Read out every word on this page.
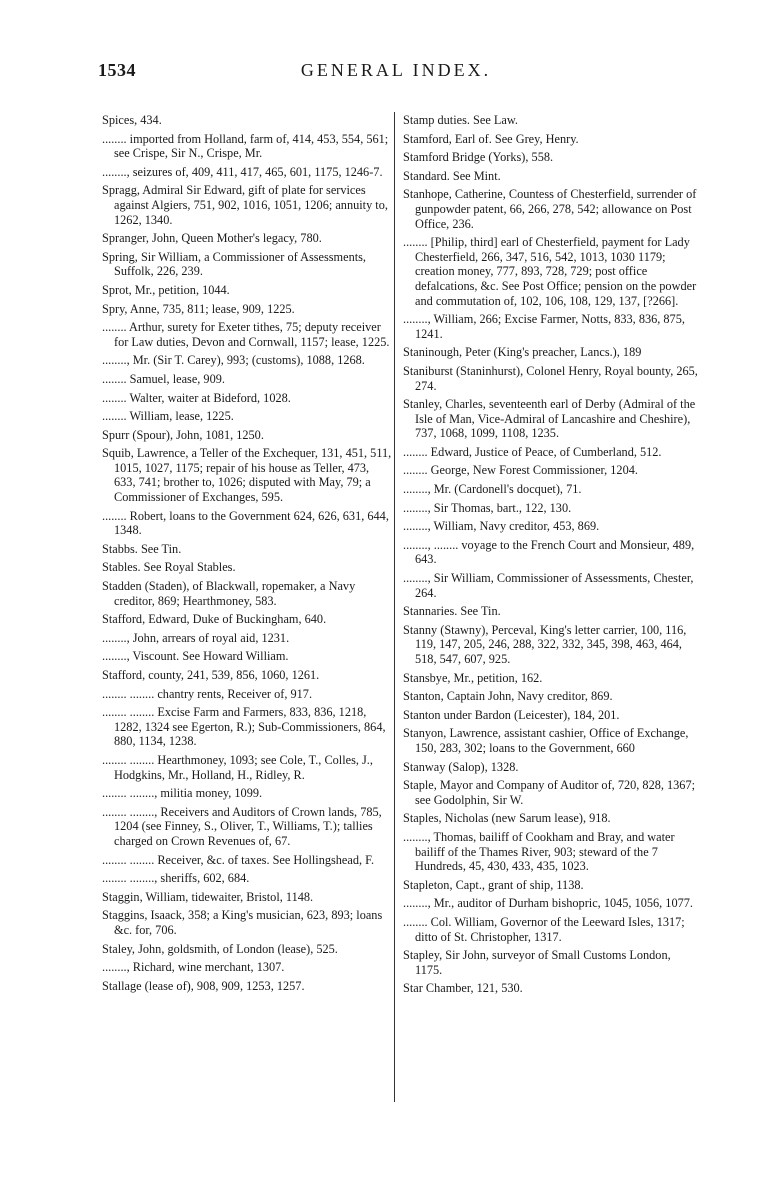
1534	GENERAL INDEX.
Spices, 434.
........ imported from Holland, farm of, 414, 453, 554, 561; see Crispe, Sir N., Crispe, Mr.
........, seizures of, 409, 411, 417, 465, 601, 1175, 1246-7.
Spragg, Admiral Sir Edward, gift of plate for services against Algiers, 751, 902, 1016, 1051, 1206; annuity to, 1262, 1340.
Spranger, John, Queen Mother's legacy, 780.
Spring, Sir William, a Commissioner of Assessments, Suffolk, 226, 239.
Sprot, Mr., petition, 1044.
Spry, Anne, 735, 811; lease, 909, 1225.
........ Arthur, surety for Exeter tithes, 75; deputy receiver for Law duties, Devon and Cornwall, 1157; lease, 1225.
........, Mr. (Sir T. Carey), 993; (customs), 1088, 1268.
........ Samuel, lease, 909.
........ Walter, waiter at Bideford, 1028.
........ William, lease, 1225.
Spurr (Spour), John, 1081, 1250.
Squib, Lawrence, a Teller of the Exchequer, 131, 451, 511, 1015, 1027, 1175; repair of his house as Teller, 473, 633, 741; brother to, 1026; disputed with May, 79; a Commissioner of Exchanges, 595.
........ Robert, loans to the Government 624, 626, 631, 644, 1348.
Stabbs. See Tin.
Stables. See Royal Stables.
Stadden (Staden), of Blackwall, ropemaker, a Navy creditor, 869; Hearthmoney, 583.
Stafford, Edward, Duke of Buckingham, 640.
........, John, arrears of royal aid, 1231.
........, Viscount. See Howard William.
Stafford, county, 241, 539, 856, 1060, 1261.
........ ........ chantry rents, Receiver of, 917.
........ ........ Excise Farm and Farmers, 833, 836, 1218, 1282, 1324 see Egerton, R.); Sub-Commissioners, 864, 880, 1134, 1238.
........ ........ Hearthmoney, 1093; see Cole, T., Colles, J., Hodgkins, Mr., Holland, H., Ridley, R.
........ ........, militia money, 1099.
........ ........, Receivers and Auditors of Crown lands, 785, 1204 (see Finney, S., Oliver, T., Williams, T.); tallies charged on Crown Revenues of, 67.
........ ........ Receiver, &c. of taxes. See Hollingshead, F.
........ ........, sheriffs, 602, 684.
Staggin, William, tidewaiter, Bristol, 1148.
Staggins, Isaack, 358; a King's musician, 623, 893; loans &c. for, 706.
Staley, John, goldsmith, of London (lease), 525.
........, Richard, wine merchant, 1307.
Stallage (lease of), 908, 909, 1253, 1257.
Stamp duties. See Law.
Stamford, Earl of. See Grey, Henry.
Stamford Bridge (Yorks), 558.
Standard. See Mint.
Stanhope, Catherine, Countess of Chesterfield, surrender of gunpowder patent, 66, 266, 278, 542; allowance on Post Office, 236.
........ [Philip, third] earl of Chesterfield, payment for Lady Chesterfield, 266, 347, 516, 542, 1013, 1030 1179; creation money, 777, 893, 728, 729; post office defalcations, &c. See Post Office; pension on the powder and commutation of, 102, 106, 108, 129, 137, [?266].
........, William, 266; Excise Farmer, Notts, 833, 836, 875, 1241.
Staninough, Peter (King's preacher, Lancs.), 189
Staniburst (Staninhurst), Colonel Henry, Royal bounty, 265, 274.
Stanley, Charles, seventeenth earl of Derby (Admiral of the Isle of Man, Vice-Admiral of Lancashire and Cheshire), 737, 1068, 1099, 1108, 1235.
........ Edward, Justice of Peace, of Cumberland, 512.
........ George, New Forest Commissioner, 1204.
........, Mr. (Cardonell's docquet), 71.
........, Sir Thomas, bart., 122, 130.
........, William, Navy creditor, 453, 869.
........, ........ voyage to the French Court and Monsieur, 489, 643.
........, Sir William, Commissioner of Assessments, Chester, 264.
Stannaries. See Tin.
Stanny (Stawny), Perceval, King's letter carrier, 100, 116, 119, 147, 205, 246, 288, 322, 332, 345, 398, 463, 464, 518, 547, 607, 925.
Stansbye, Mr., petition, 162.
Stanton, Captain John, Navy creditor, 869.
Stanton under Bardon (Leicester), 184, 201.
Stanyon, Lawrence, assistant cashier, Office of Exchange, 150, 283, 302; loans to the Government, 660
Stanway (Salop), 1328.
Staple, Mayor and Company of Auditor of, 720, 828, 1367; see Godolphin, Sir W.
Staples, Nicholas (new Sarum lease), 918.
........, Thomas, bailiff of Cookham and Bray, and water bailiff of the Thames River, 903; steward of the 7 Hundreds, 45, 430, 433, 435, 1023.
Stapleton, Capt., grant of ship, 1138.
........, Mr., auditor of Durham bishopric, 1045, 1056, 1077.
........ Col. William, Governor of the Leeward Isles, 1317; ditto of St. Christopher, 1317.
Stapley, Sir John, surveyor of Small Customs London, 1175.
Star Chamber, 121, 530.
